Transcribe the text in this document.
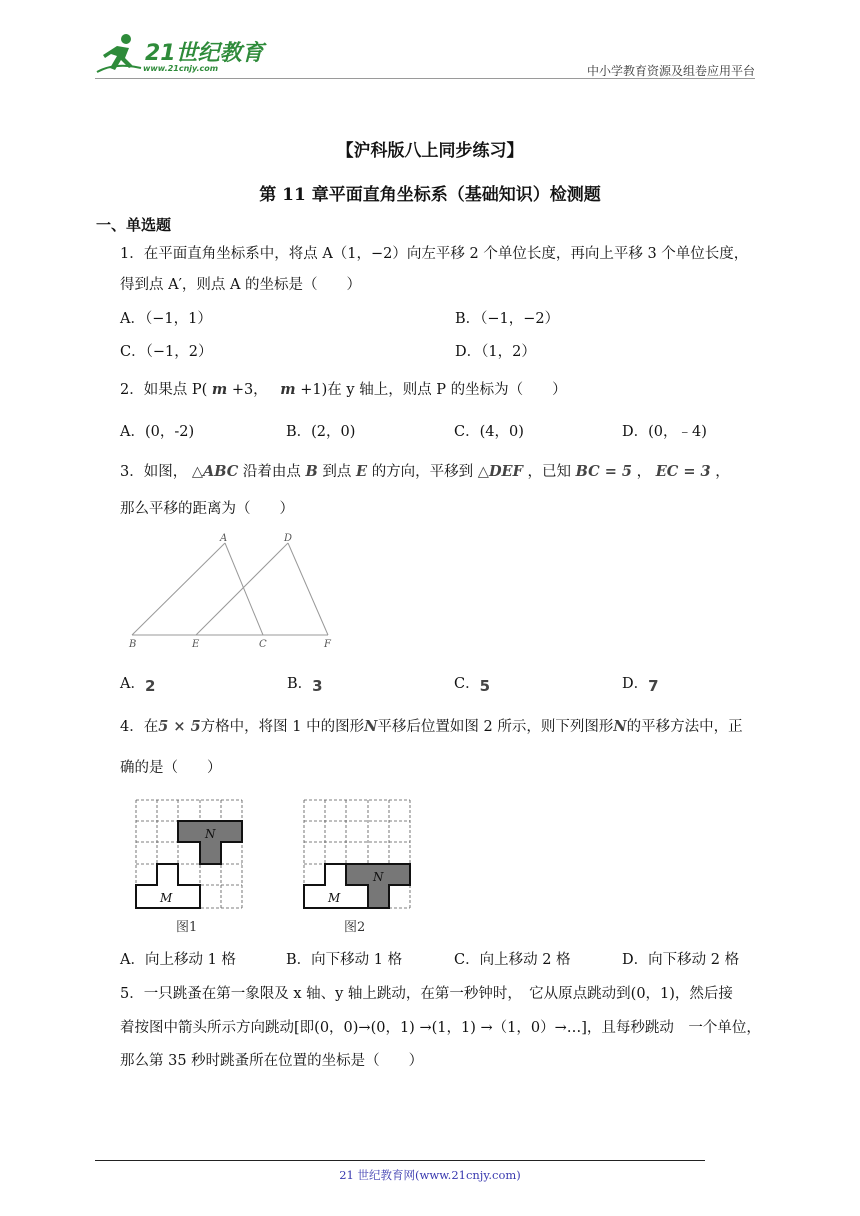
21世纪教育
www.21cnjy.com	中小学教育资源及组卷应用平台
【沪科版八上同步练习】
第 11 章平面直角坐标系（基础知识）检测题
一、单选题
1．在平面直角坐标系中，将点 A（1，−2）向左平移 2 个单位长度，再向上平移 3 个单位长度，
得到点 A′，则点 A 的坐标是（　　）
A．（−1，1）	B．（−1，−2）
C．（−1，2）	D．（1，2）
2．如果点 P( m +3， m +1)在 y 轴上，则点 P 的坐标为（　　）
A．(0，-2)	B．(2，0)	C．(4，0)	D．(0，﹣4)
3．如图， △ABC 沿着由点 B 到点 E 的方向，平移到 △DEF ，已知 BC = 5 ， EC = 3 ，
那么平移的距离为（　　）
A
B	C
D
E	F
A．2	B．3	C．5	D．7
4．在5 × 5方格中，将图 1 中的图形N平移后位置如图 2 所示，则下列图形N的平移方法中，正
确的是（　　）
N
M
图1
N
M
图2
A．向上移动 1 格	B．向下移动 1 格	C．向上移动 2 格	D．向下移动 2 格
5．一只跳蚤在第一象限及 x 轴、y 轴上跳动，在第一秒钟时，　它从原点跳动到(0，1)，然后接
着按图中箭头所示方向跳动[即(0，0)→(0，1) →(1，1) →（1，0）→…]，且每秒跳动　一个单位，
那么第 35 秒时跳蚤所在位置的坐标是（　　）
21 世纪教育网(www.21cnjy.com)
